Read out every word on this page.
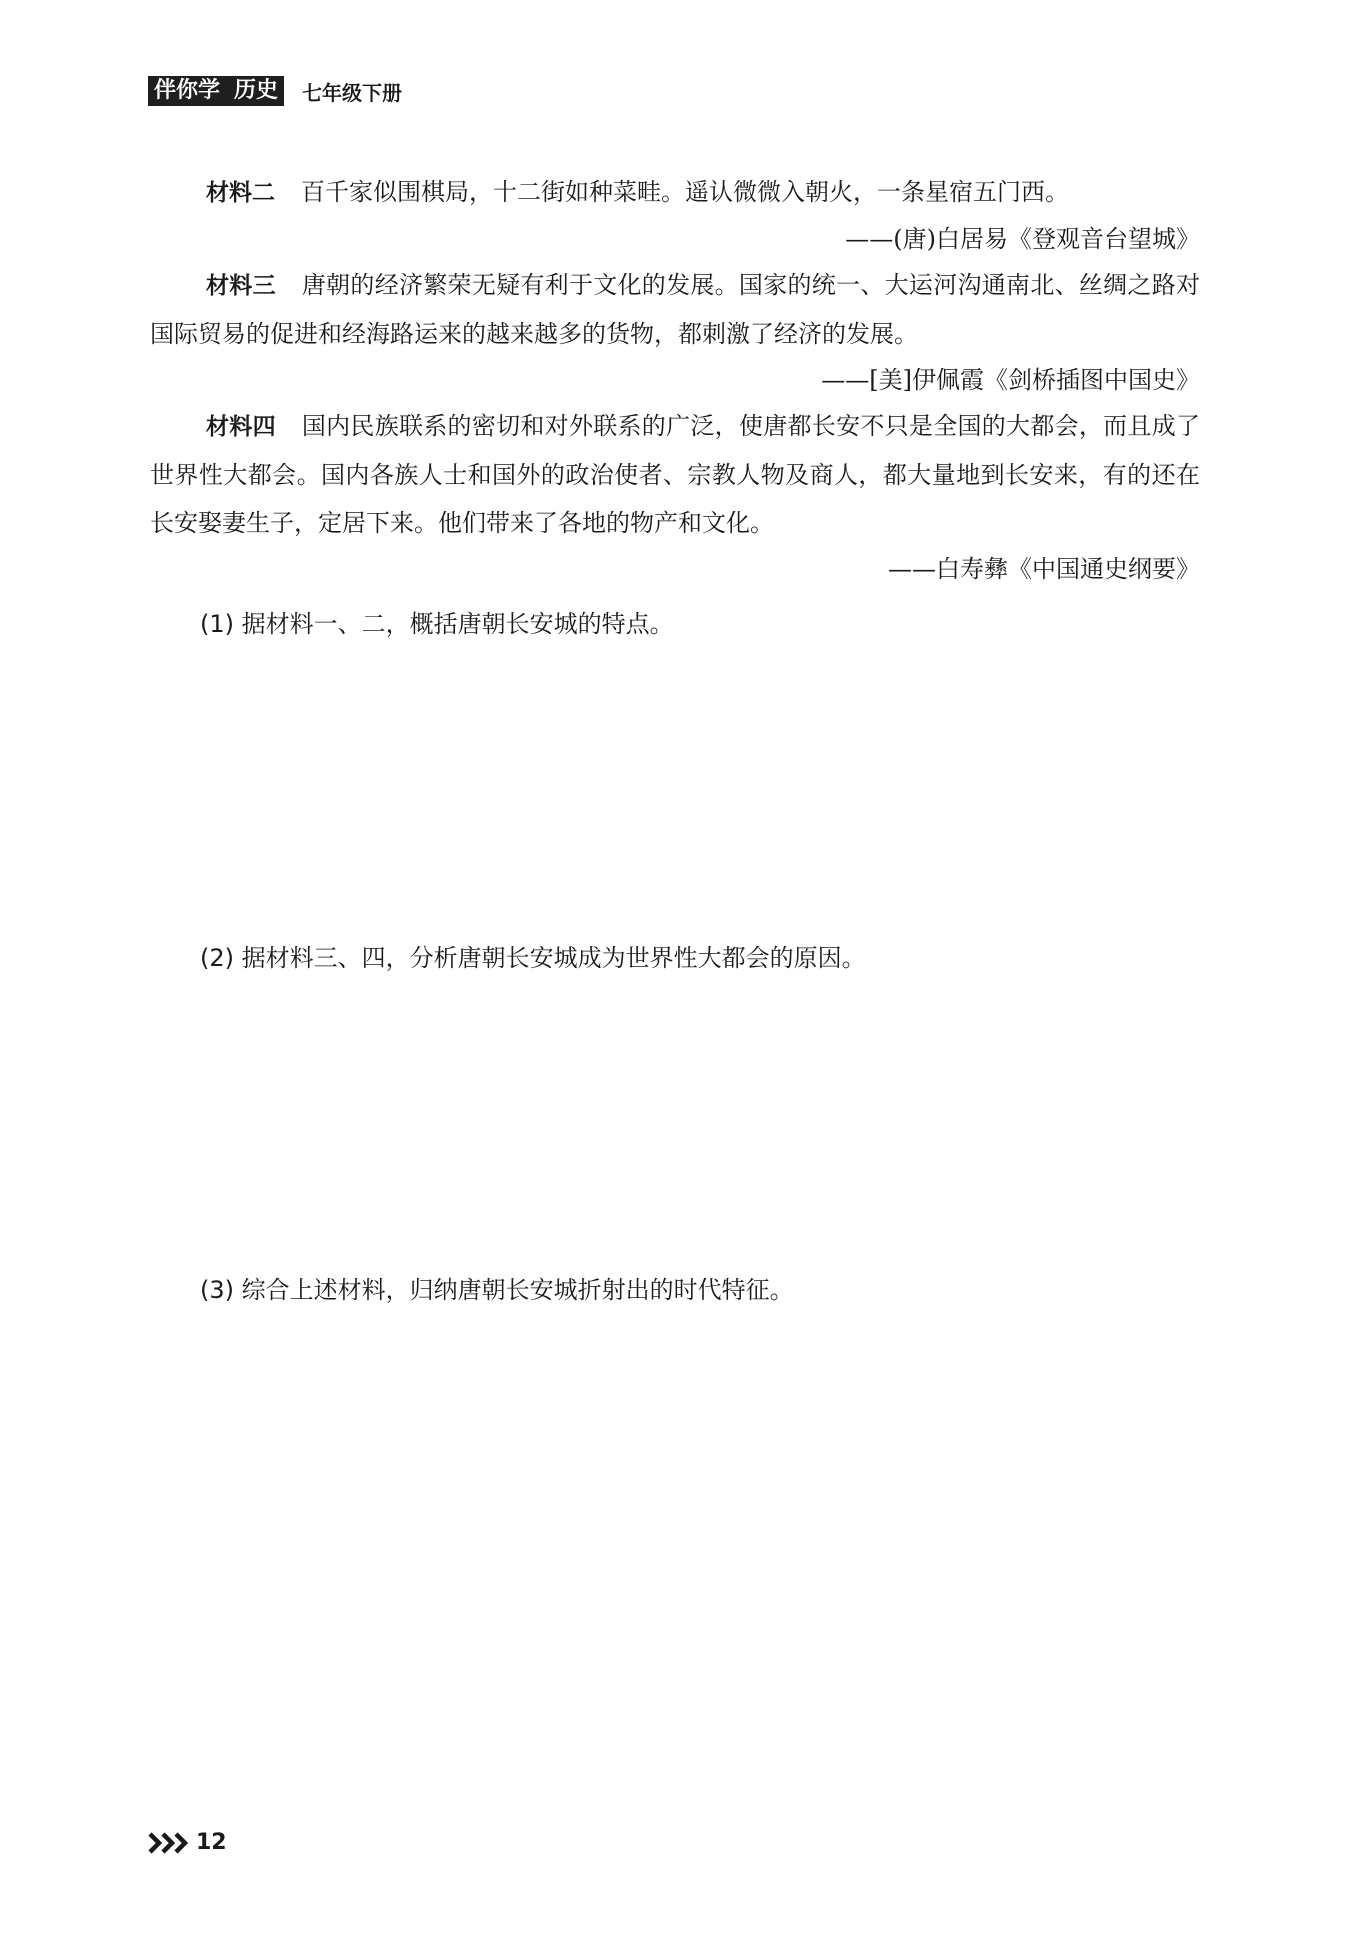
伴你学 历史 七年级下册

材料二 百千家似围棋局，十二街如种菜畦。遥认微微入朝火，一条星宿五门西。

——(唐)白居易《登观音台望城》

材料三 唐朝的经济繁荣无疑有利于文化的发展。国家的统一、大运河沟通南北、丝绸之路对国际贸易的促进和经海路运来的越来越多的货物，都刺激了经济的发展。

——[美]伊佩霞《剑桥插图中国史》

材料四 国内民族联系的密切和对外联系的广泛，使唐都长安不只是全国的大都会，而且成了世界性大都会。国内各族人士和国外的政治使者、宗教人物及商人，都大量地到长安来，有的还在长安娶妻生子，定居下来。他们带来了各地的物产和文化。

——白寿彝《中国通史纲要》

(1) 据材料一、二，概括唐朝长安城的特点。
(2) 据材料三、四，分析唐朝长安城成为世界性大都会的原因。
(3) 综合上述材料，归纳唐朝长安城折射出的时代特征。
12
